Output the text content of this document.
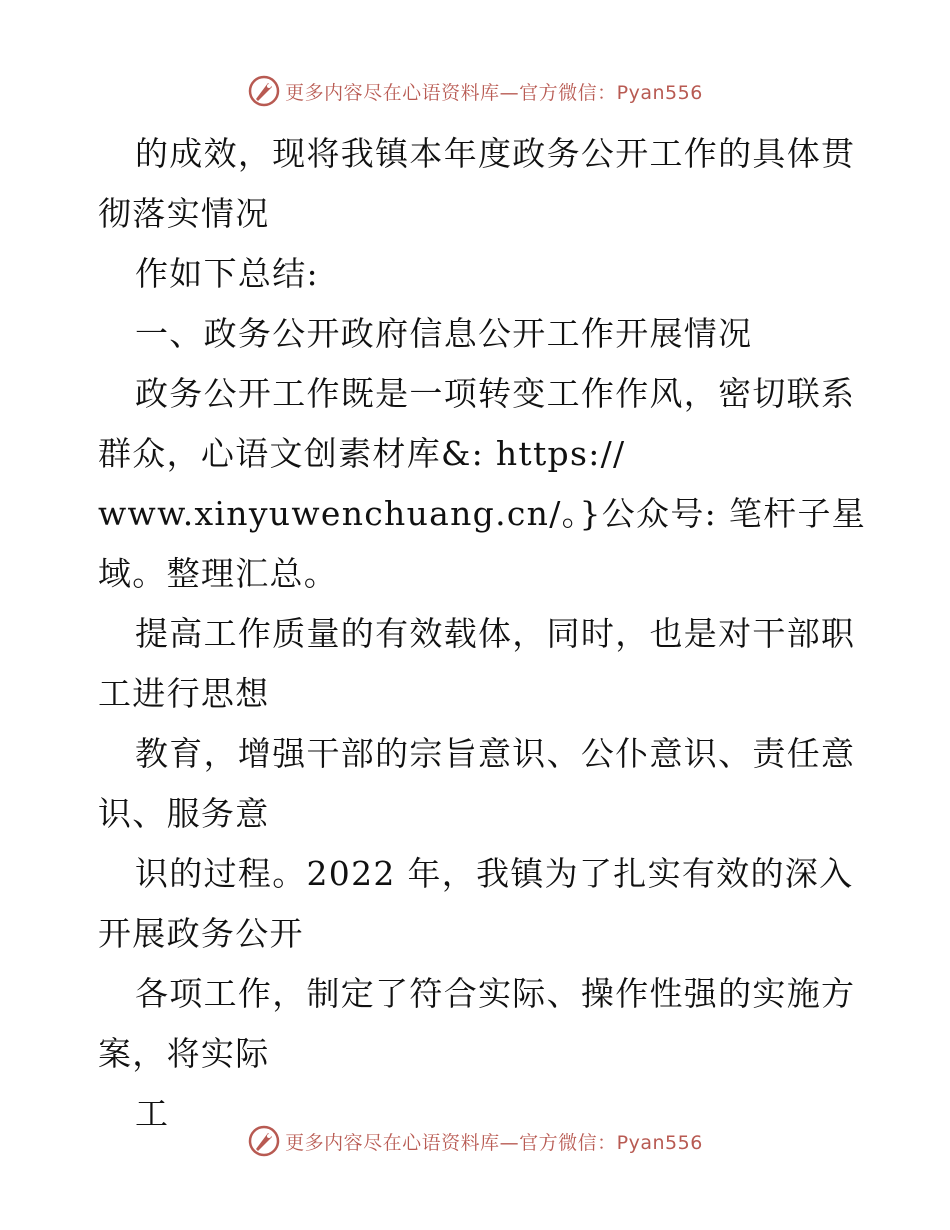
更多内容尽在心语资料库—官方微信：Pyan556
的成效，现将我镇本年度政务公开工作的具体贯
彻落实情况
作如下总结:
一、政务公开政府信息公开工作开展情况
政务公开工作既是一项转变工作作风，密切联系
群众，心语文创素材库&: https://
www.xinyuwenchuang.cn/。}公众号: 笔杆子星
域。整理汇总。
提高工作质量的有效载体，同时，也是对干部职
工进行思想
教育，增强干部的宗旨意识、公仆意识、责任意
识、服务意
识的过程。2022 年，我镇为了扎实有效的深入
开展政务公开
各项工作，制定了符合实际、操作性强的实施方
案，将实际
工
更多内容尽在心语资料库—官方微信：Pyan556
